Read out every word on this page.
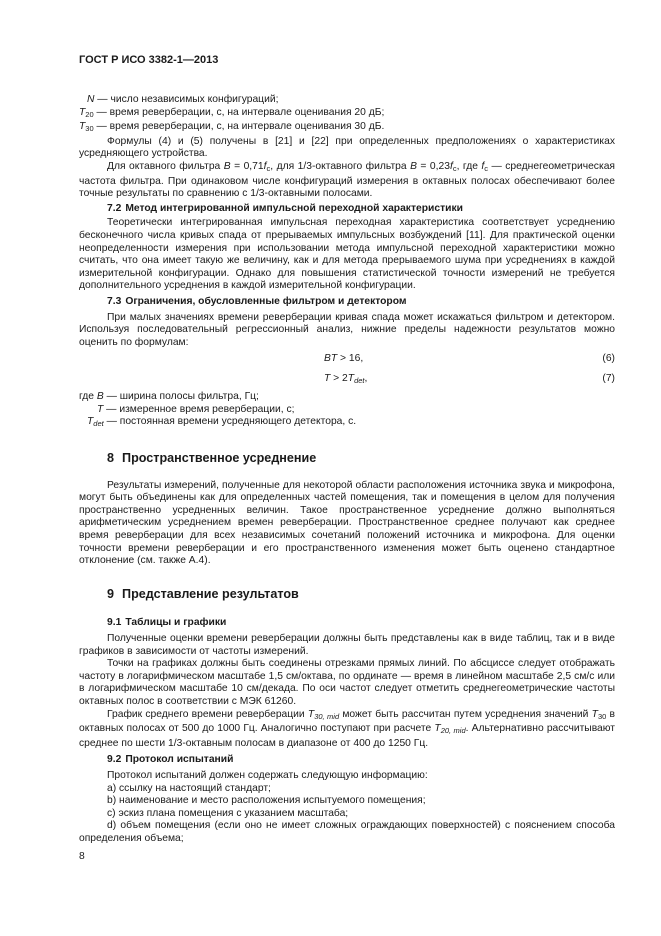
ГОСТ Р ИСО 3382-1—2013

N — число независимых конфигураций;

$T_{20}$ — время реверберации, с, на интервале оценивания 20 дБ;

$T_{30}$ — время реверберации, с, на интервале оценивания 30 дБ.

Формулы (4) и (5) получены в [21] и [22] при определенных предположениях о характеристиках усредняющего устройства.

Для октавного фильтра $B = 0,71f_c$, для 1/3-октавного фильтра $B = 0,23f_c$, где $f_c$ — среднегеометрическая частота фильтра. При одинаковом числе конфигураций измерения в октавных полосах обеспечивают более точные результаты по сравнению с 1/3-октавными полосами.

7.2 Метод интегрированной импульсной переходной характеристики

Теоретически интегрированная импульсная переходная характеристика соответствует усреднению бесконечного числа кривых спада от прерываемых импульсных возбуждений [11]. Для практической оценки неопределенности измерения при использовании метода импульсной переходной характеристики можно считать, что она имеет такую же величину, как и для метода прерываемого шума при усреднениях в каждой измерительной конфигурации. Однако для повышения статистической точности измерений не требуется дополнительного усреднения в каждой измерительной конфигурации.

7.3 Ограничения, обусловленные фильтром и детектором

При малых значениях времени реверберации кривая спада может искажаться фильтром и детектором. Используя последовательный регрессионный анализ, нижние пределы надежности результатов можно оценить по формулам:

BT > 16,	(6)
T > 2Tdet,	(7)

где B — ширина полосы фильтра, Гц;

T — измеренное время реверберации, с;

Tdet — постоянная времени усредняющего детектора, с.

8 Пространственное усреднение

Результаты измерений, полученные для некоторой области расположения источника звука и микрофона, могут быть объединены как для определенных частей помещения, так и помещения в целом для получения пространственно усредненных величин. Такое пространственное усреднение должно выполняться арифметическим усреднением времен реверберации. Пространственное среднее получают как среднее время реверберации для всех независимых сочетаний положений источника и микрофона. Для оценки точности времени реверберации и его пространственного изменения может быть оценено стандартное отклонение (см. также А.4).

9 Представление результатов
9.1 Таблицы и графики

Полученные оценки времени реверберации должны быть представлены как в виде таблиц, так и в виде графиков в зависимости от частоты измерений.

Точки на графиках должны быть соединены отрезками прямых линий. По абсциссе следует отображать частоту в логарифмическом масштабе 1,5 см/октава, по ординате — время в линейном масштабе 2,5 см/с или в логарифмическом масштабе 10 см/декада. По оси частот следует отметить среднегеометрические частоты октавных полос в соответствии с МЭК 61260.

График среднего времени реверберации T30, mid может быть рассчитан путем усреднения значений $T_{30}$ в октавных полосах от 500 до 1000 Гц. Аналогично поступают при расчете T20, mid. Альтернативно рассчитывают среднее по шести 1/3-октавным полосам в диапазоне от 400 до 1250 Гц.

9.2 Протокол испытаний

Протокол испытаний должен содержать следующую информацию:

a) ссылку на настоящий стандарт;

b) наименование и место расположения испытуемого помещения;

c) эскиз плана помещения с указанием масштаба;

d) объем помещения (если оно не имеет сложных ограждающих поверхностей) с пояснением способа определения объема;

8
